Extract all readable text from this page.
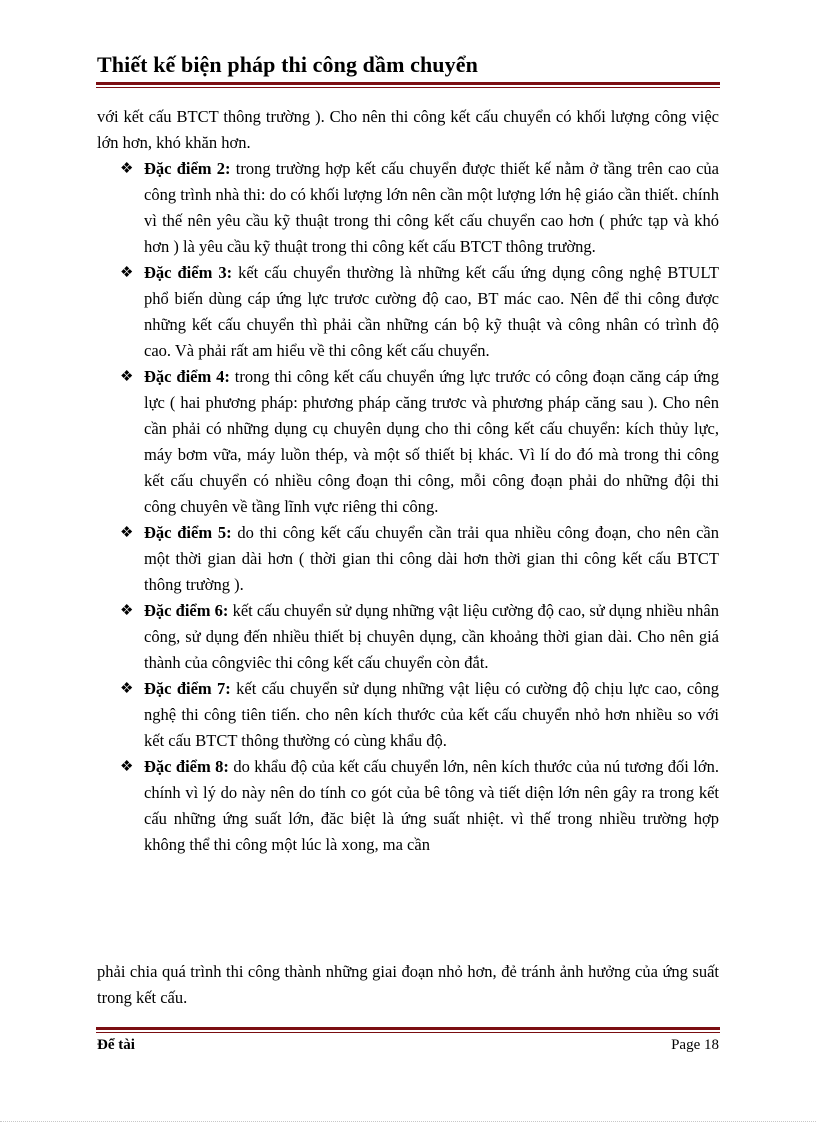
Thiết kế biện pháp thi công dầm chuyển
với kết cấu BTCT thông trường ). Cho nên thi công kết cấu chuyển có khối lượng công việc lớn hơn, khó khăn hơn.
❖ Đặc điểm 2: trong trường hợp kết cấu chuyển được thiết kế nằm ở tầng trên cao của công trình nhà thi: do có khối lượng lớn nên cần một lượng lớn hệ giáo cần thiết. chính vì thế nên yêu cầu kỹ thuật trong thi công kết cấu chuyển cao hơn ( phức tạp và khó hơn ) là yêu cầu kỹ thuật trong thi công kết cấu BTCT thông trường.
❖ Đặc điểm 3: kết cấu chuyển thường là những kết cấu ứng dụng công nghệ BTULT phổ biến dùng cáp ứng lực trươc cường độ cao, BT mác cao. Nên để thi công được những kết cấu chuyển thì phải cần những cán bộ kỹ thuật và công nhân có trình độ cao. Và phải rất am hiểu về thi công kết cấu chuyển.
❖ Đặc điểm 4: trong thi công kết cấu chuyển ứng lực trước có công đoạn căng cáp ứng lực ( hai phương pháp: phương pháp căng trươc và phương pháp căng sau ). Cho nên cần phải có những dụng cụ chuyên dụng cho thi công kết cấu chuyển: kích thủy lực, máy bơm vữa, máy luồn thép, và một số thiết bị khác. Vì lí do đó mà trong thi công kết cấu chuyển có nhiều công đoạn thi công, mỗi công đoạn phải do những đội thi công chuyên về tầng lĩnh vực riêng thi công.
❖ Đặc điểm 5: do thi công kết cấu chuyển cần trải qua nhiều công đoạn, cho nên cần một thời gian dài hơn ( thời gian thi công dài hơn thời gian thi công kết cấu BTCT thông trường ).
❖ Đặc điểm 6: kết cấu chuyển sử dụng những vật liệu cường độ cao, sử dụng nhiều nhân công, sử dụng đến nhiều thiết bị chuyên dụng, cần khoảng thời gian dài. Cho nên giá thành của côngviêc thi công kết cấu chuyển còn đắt.
❖ Đặc điểm 7: kết cấu chuyển sử dụng những vật liệu có cường độ chịu lực cao, công nghệ thi công tiên tiến. cho nên kích thước của kết cấu chuyển nhỏ hơn nhiều so với kết cấu BTCT thông thường có cùng khẩu độ.
❖ Đặc điểm 8: do khẩu độ của kết cấu chuyển lớn, nên kích thước của nú tương đối lớn. chính vì lý do này nên do tính co gót của bê tông và tiết diện lớn nên gây ra trong kết cấu những ứng suất lớn, đăc biệt là ứng suất nhiệt. vì thế trong nhiều trường hợp không thể thi công một lúc là xong, ma cần
phải chia quá trình thi công thành những giai đoạn nhỏ hơn, đẻ tránh ảnh hưởng của ứng suất trong kết cấu.
Để tài	Page 18
